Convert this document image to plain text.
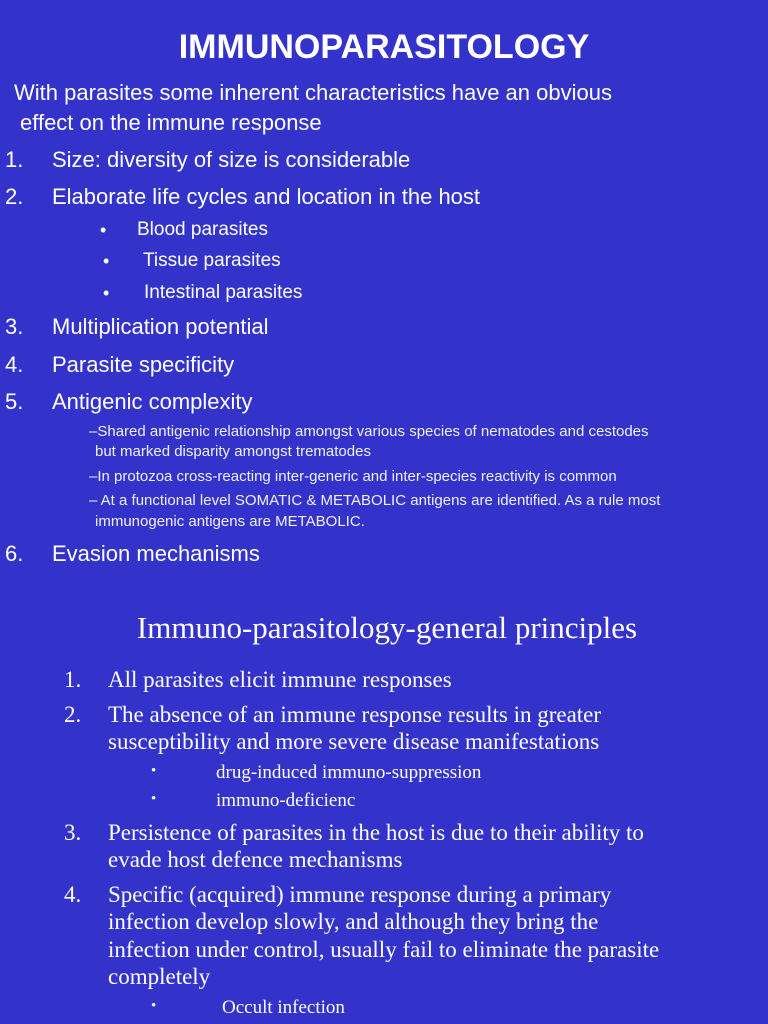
IMMUNOPARASITOLOGY
With parasites some inherent characteristics have an obvious
effect on the immune response
1. Size: diversity of size is considerable
2. Elaborate life cycles and location in the host
• Blood parasites
• Tissue parasites
• Intestinal parasites
3. Multiplication potential
4. Parasite specificity
5. Antigenic complexity
–Shared antigenic relationship amongst various species of nematodes and cestodes
but marked disparity amongst trematodes
–In protozoa cross-reacting inter-generic and inter-species reactivity is common
– At a functional level SOMATIC & METABOLIC antigens are identified. As a rule most
immunogenic antigens are METABOLIC.
6. Evasion mechanisms
Immuno-parasitology-general principles
1. All parasites elicit immune responses
2. The absence of an immune response results in greater
susceptibility and more severe disease manifestations
•	drug-induced immuno-suppression
•	immuno-deficienc
3. Persistence of parasites in the host is due to their ability to
evade host defence mechanisms
4. Specific (acquired) immune response during a primary
infection develop slowly, and although they bring the
infection under control, usually fail to eliminate the parasite
completely
•	Occult infection
